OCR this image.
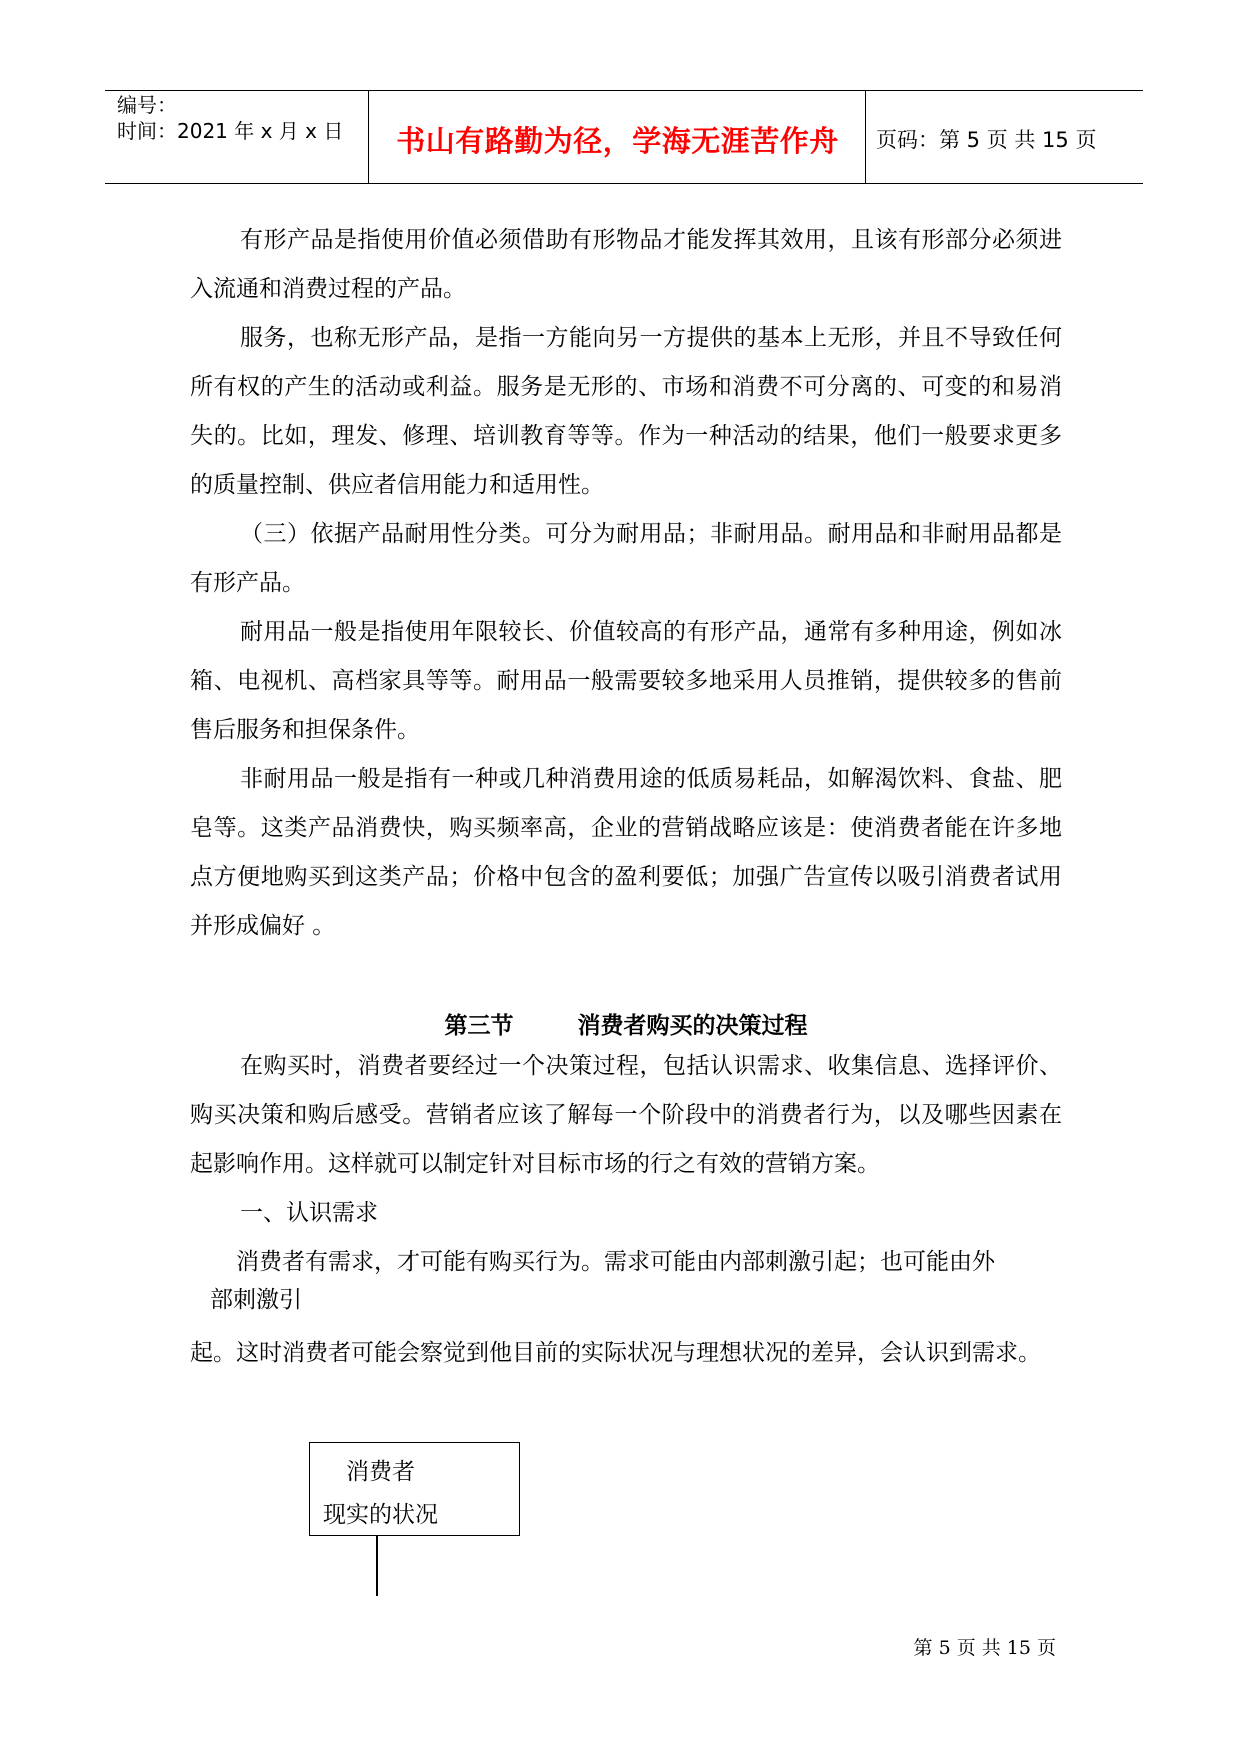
编号：
时间：2021 年 x 月 x 日	书山有路勤为径，学海无涯苦作舟	页码：第 5 页 共 15 页
有形产品是指使用价值必须借助有形物品才能发挥其效用，且该有形部分必须进入流通和消费过程的产品。
服务，也称无形产品，是指一方能向另一方提供的基本上无形，并且不导致任何所有权的产生的活动或利益。服务是无形的、市场和消费不可分离的、可变的和易消失的。比如，理发、修理、培训教育等等。作为一种活动的结果，他们一般要求更多的质量控制、供应者信用能力和适用性。
（三）依据产品耐用性分类。可分为耐用品；非耐用品。耐用品和非耐用品都是有形产品。
耐用品一般是指使用年限较长、价值较高的有形产品，通常有多种用途，例如冰箱、电视机、高档家具等等。耐用品一般需要较多地采用人员推销，提供较多的售前售后服务和担保条件。
非耐用品一般是指有一种或几种消费用途的低质易耗品，如解渴饮料、食盐、肥皂等。这类产品消费快，购买频率高，企业的营销战略应该是：使消费者能在许多地点方便地购买到这类产品；价格中包含的盈利要低；加强广告宣传以吸引消费者试用并形成偏好 。
第三节        消费者购买的决策过程
在购买时，消费者要经过一个决策过程，包括认识需求、收集信息、选择评价、购买决策和购后感受。营销者应该了解每一个阶段中的消费者行为，以及哪些因素在起影响作用。这样就可以制定针对目标市场的行之有效的营销方案。
一、认识需求
消费者有需求，才可能有购买行为。需求可能由内部刺激引起；也可能由外
部刺激引
起。这时消费者可能会察觉到他目前的实际状况与理想状况的差异，会认识到需求。
消费者
现实的状况
第 5 页 共 15 页
